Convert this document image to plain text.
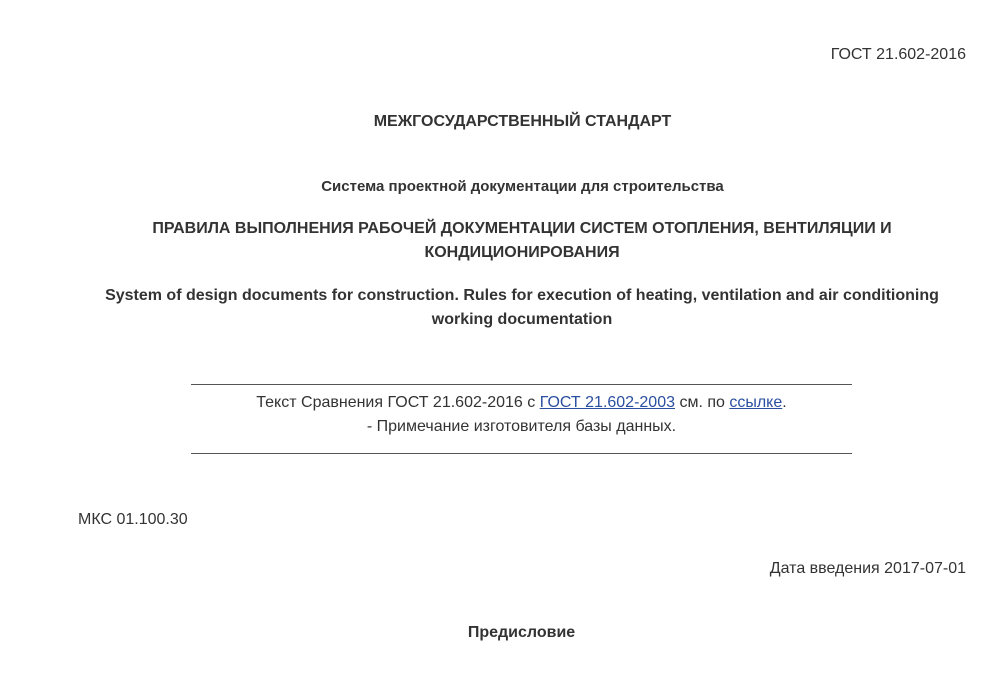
ГОСТ 21.602-2016
МЕЖГОСУДАРСТВЕННЫЙ СТАНДАРТ
Система проектной документации для строительства
ПРАВИЛА ВЫПОЛНЕНИЯ РАБОЧЕЙ ДОКУМЕНТАЦИИ СИСТЕМ ОТОПЛЕНИЯ, ВЕНТИЛЯЦИИ И КОНДИЦИОНИРОВАНИЯ
System of design documents for construction. Rules for execution of heating, ventilation and air conditioning working documentation
Текст Сравнения ГОСТ 21.602-2016 с ГОСТ 21.602-2003 см. по ссылке.
- Примечание изготовителя базы данных.
МКС 01.100.30
Дата введения 2017-07-01
Предисловие
